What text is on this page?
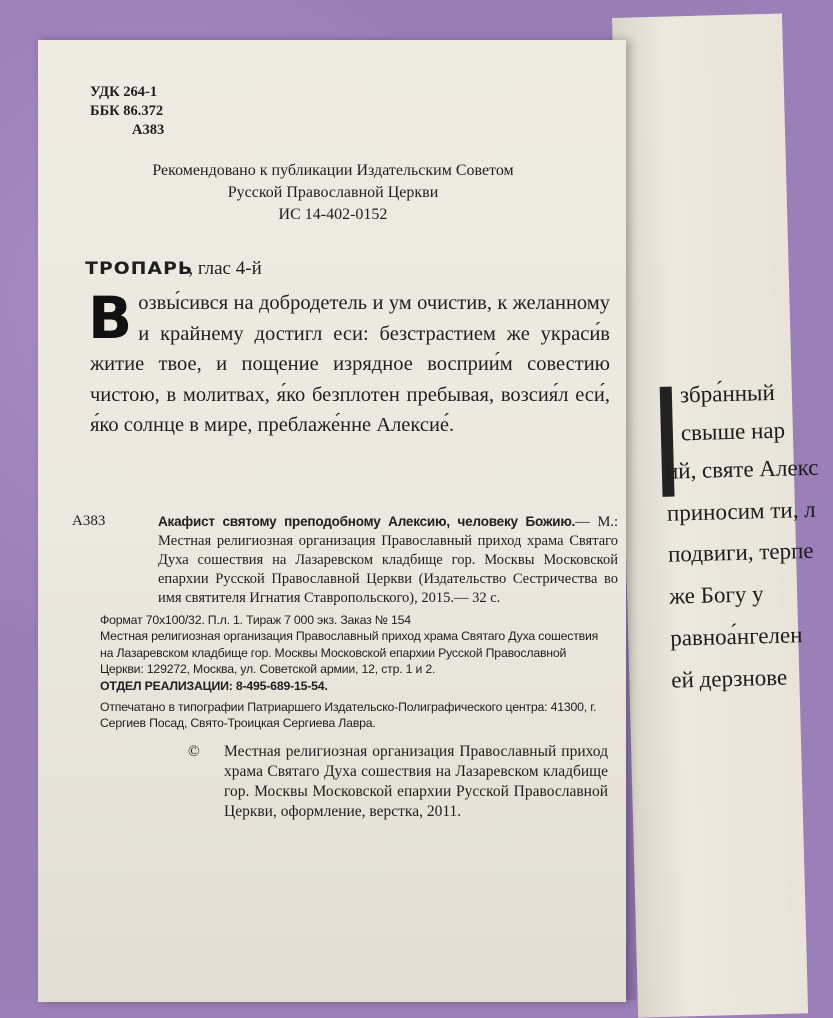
збра́нный
свыше нар
ий, святе Алекс
приносим ти, л
подвиги, терпе
же Богу у
равноа́нгелен
ей дерзнове
УДК 264-1
ББК 86.372
А383
Рекомендовано к публикации Издательским Советом
Русской Православной Церкви
ИС 14-402-0152
ТРОПАРЬ, глас 4-й
Возвы́сився на добродетель и ум очистив, к желанному и крайнему достигл еси: безстрастием же украси́в житие твое, и пощение изрядное восприи́м совестию чистою, в молитвах, я́ко безплотен пребывая, возсия́л еси́, я́ко солнце в мире, преблаже́нне Алексие́.
А383	Акафист святому преподобному Алексию, человеку Божию.— М.: Местная религиозная организация Православный приход храма Святаго Духа сошествия на Лазаревском кладбище гор. Москвы Московской епархии Русской Православной Церкви (Издательство Сестричества во имя святителя Игнатия Ставропольского), 2015.— 32 с.
Формат 70x100/32. П.л. 1. Тираж 7 000 экз. Заказ № 154
Местная религиозная организация Православный приход храма Святаго Духа сошествия на Лазаревском кладбище гор. Москвы Московской епархии Русской Православной Церкви: 129272, Москва, ул. Советской армии, 12, стр. 1 и 2.
ОТДЕЛ РЕАЛИЗАЦИИ: 8-495-689-15-54.
Отпечатано в типографии Патриаршего Издательско-Полиграфического центра: 41300, г. Сергиев Посад, Свято-Троицкая Сергиева Лавра.
©	Местная религиозная организация Православный приход храма Святаго Духа сошествия на Лазаревском кладбище гор. Москвы Московской епархии Русской Православной Церкви, оформление, верстка, 2011.
